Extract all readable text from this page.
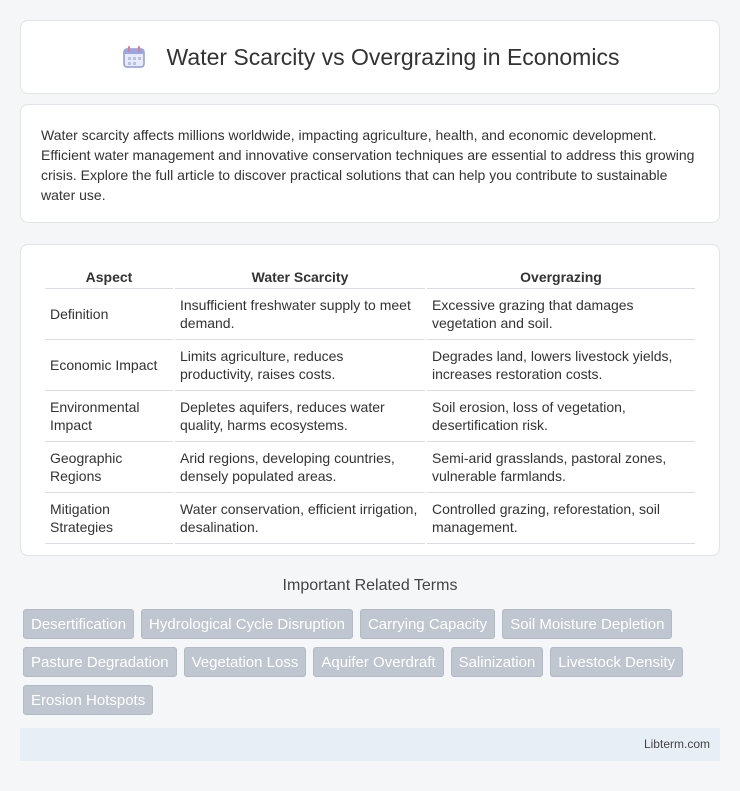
Water Scarcity vs Overgrazing in Economics

Water scarcity affects millions worldwide, impacting agriculture, health, and economic development. Efficient water management and innovative conservation techniques are essential to address this growing crisis. Explore the full article to discover practical solutions that can help you contribute to sustainable water use.

Aspect	Water Scarcity	Overgrazing
Definition	Insufficient freshwater supply to meet demand.	Excessive grazing that damages vegetation and soil.
Economic Impact	Limits agriculture, reduces productivity, raises costs.	Degrades land, lowers livestock yields, increases restoration costs.
Environmental Impact	Depletes aquifers, reduces water quality, harms ecosystems.	Soil erosion, loss of vegetation, desertification risk.
Geographic Regions	Arid regions, developing countries, densely populated areas.	Semi-arid grasslands, pastoral zones, vulnerable farmlands.
Mitigation Strategies	Water conservation, efficient irrigation, desalination.	Controlled grazing, reforestation, soil management.
Important Related Terms
Desertification	Hydrological Cycle Disruption	Carrying Capacity	Soil Moisture Depletion
Pasture Degradation	Vegetation Loss	Aquifer Overdraft	Salinization	Livestock Density
Erosion Hotspots
Libterm.com
